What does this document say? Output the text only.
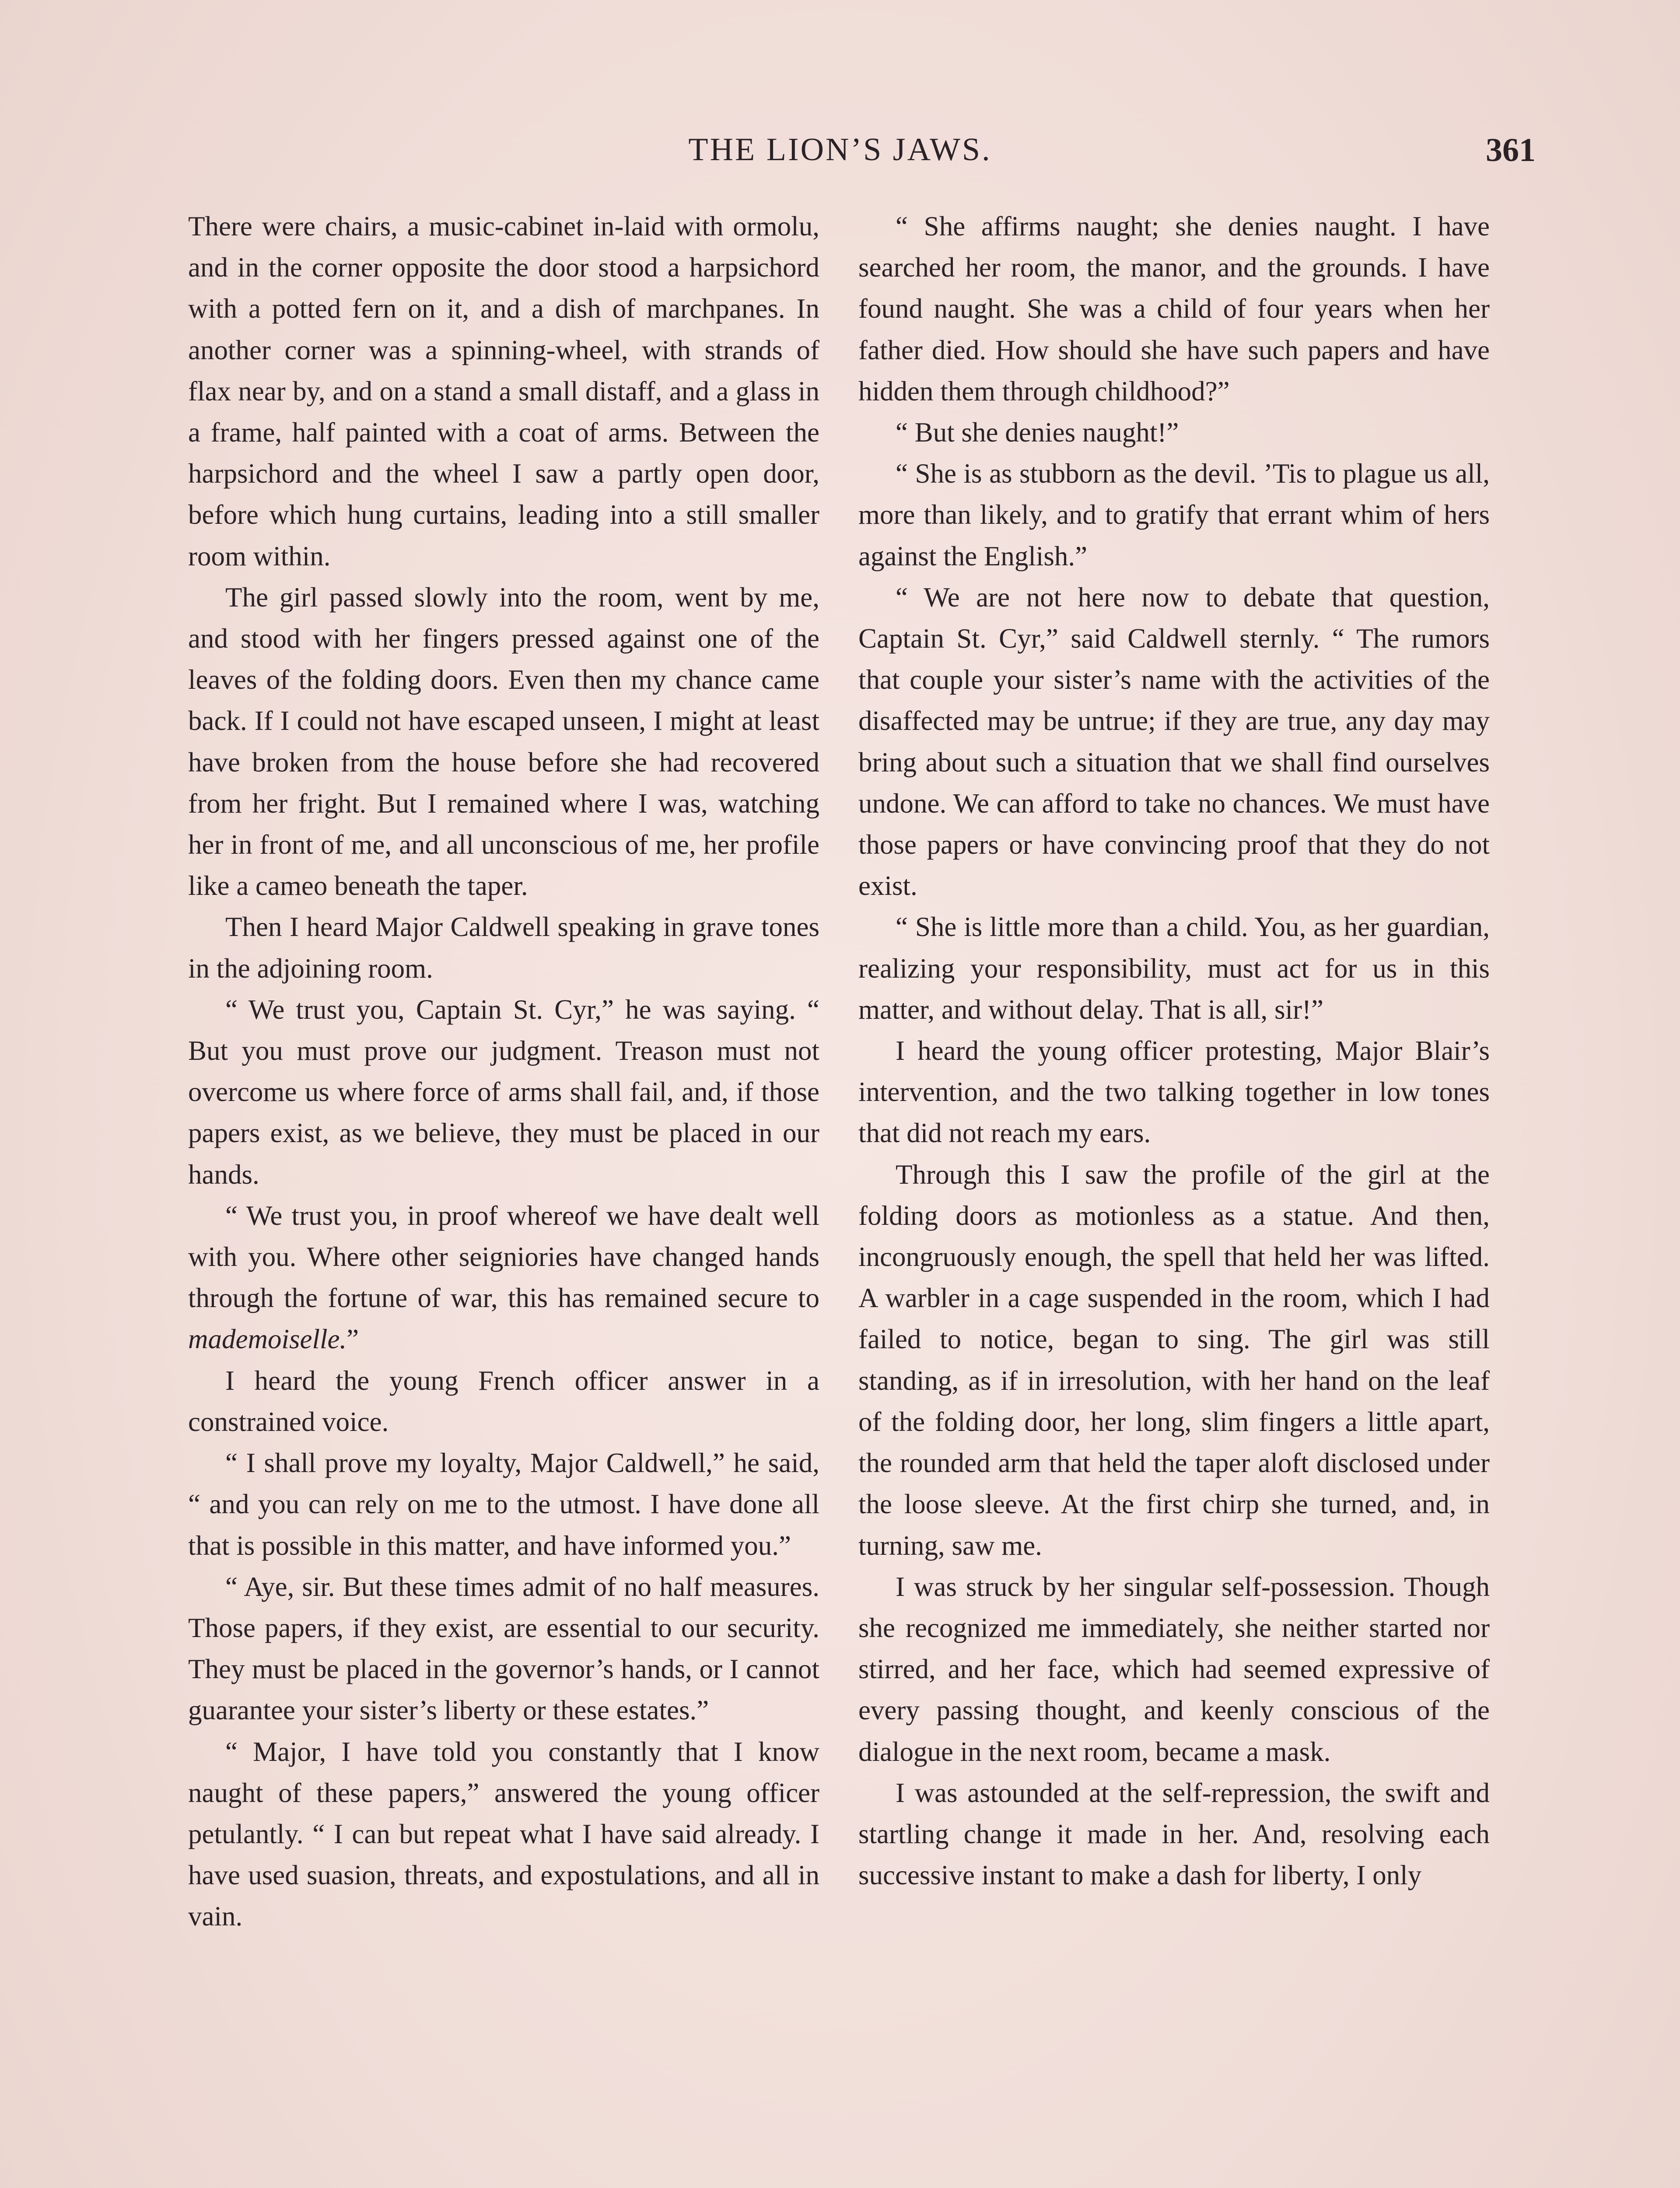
THE LION’S JAWS.	361

There were chairs, a music-cabinet in-laid with ormolu, and in the corner opposite the door stood a harpsichord with a potted fern on it, and a dish of marchpanes. In another corner was a spinning-wheel, with strands of flax near by, and on a stand a small distaff, and a glass in a frame, half painted with a coat of arms. Between the harpsichord and the wheel I saw a partly open door, before which hung curtains, leading into a still smaller room within.

The girl passed slowly into the room, went by me, and stood with her fingers pressed against one of the leaves of the folding doors. Even then my chance came back. If I could not have escaped unseen, I might at least have broken from the house before she had recovered from her fright. But I remained where I was, watching her in front of me, and all unconscious of me, her profile like a cameo beneath the taper.

Then I heard Major Caldwell speaking in grave tones in the adjoining room.

“ We trust you, Captain St. Cyr,” he was saying. “ But you must prove our judgment. Treason must not overcome us where force of arms shall fail, and, if those papers exist, as we believe, they must be placed in our hands.

“ We trust you, in proof whereof we have dealt well with you. Where other seigniories have changed hands through the fortune of war, this has remained secure to mademoiselle.”

I heard the young French officer answer in a constrained voice.

“ I shall prove my loyalty, Major Caldwell,” he said, “ and you can rely on me to the utmost. I have done all that is possible in this matter, and have informed you.”

“ Aye, sir. But these times admit of no half measures. Those papers, if they exist, are essential to our security. They must be placed in the governor’s hands, or I cannot guarantee your sister’s liberty or these estates.”

“ Major, I have told you constantly that I know naught of these papers,” answered the young officer petulantly. “ I can but repeat what I have said already. I have used suasion, threats, and expostulations, and all in vain.

“ She affirms naught; she denies naught. I have searched her room, the manor, and the grounds. I have found naught. She was a child of four years when her father died. How should she have such papers and have hidden them through childhood?”

“ But she denies naught!”

“ She is as stubborn as the devil. ’Tis to plague us all, more than likely, and to gratify that errant whim of hers against the English.”

“ We are not here now to debate that question, Captain St. Cyr,” said Caldwell sternly. “ The rumors that couple your sister’s name with the activities of the disaffected may be untrue; if they are true, any day may bring about such a situation that we shall find ourselves undone. We can afford to take no chances. We must have those papers or have convincing proof that they do not exist.

“ She is little more than a child. You, as her guardian, realizing your responsibility, must act for us in this matter, and without delay. That is all, sir!”

I heard the young officer protesting, Major Blair’s intervention, and the two talking together in low tones that did not reach my ears.

Through this I saw the profile of the girl at the folding doors as motionless as a statue. And then, incongruously enough, the spell that held her was lifted. A warbler in a cage suspended in the room, which I had failed to notice, began to sing. The girl was still standing, as if in irresolution, with her hand on the leaf of the folding door, her long, slim fingers a little apart, the rounded arm that held the taper aloft disclosed under the loose sleeve. At the first chirp she turned, and, in turning, saw me.

I was struck by her singular self-possession. Though she recognized me immediately, she neither started nor stirred, and her face, which had seemed expressive of every passing thought, and keenly conscious of the dialogue in the next room, became a mask.

I was astounded at the self-repression, the swift and startling change it made in her. And, resolving each successive instant to make a dash for liberty, I only
